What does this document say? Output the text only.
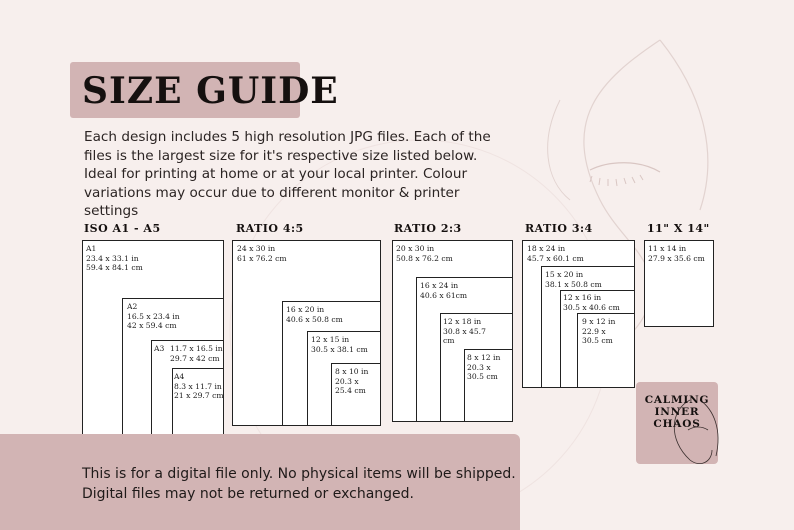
SIZE GUIDE

Each design includes 5 high resolution JPG files. Each of the files is the largest size for it's respective size listed below. Ideal for printing at home or at your local printer. Colour variations may occur due to different monitor & printer settings

ISO A1 - A5
A1
23.4 x 33.1 in
59.4 x 84.1 cm
A2
16.5 x 23.4 in
42 x 59.4 cm
A3 11.7 x 16.5 in
29.7 x 42 cm
A4
8.3 x 11.7 in
21 x 29.7 cm
RATIO 4:5
24 x 30 in
61 x 76.2 cm
16 x 20 in
40.6 x 50.8 cm
12 x 15 in
30.5 x 38.1 cm
8 x 10 in
20.3 x
25.4 cm
RATIO 2:3
20 x 30 in
50.8 x 76.2 cm
16 x 24 in
40.6 x 61cm
12 x 18 in
30.8 x 45.7
cm
8 x 12 in
20.3 x
30.5 cm
RATIO 3:4
18 x 24 in
45.7 x 60.1 cm
15 x 20 in
38.1 x 50.8 cm
12 x 16 in
30.5 x 40.6 cm
9 x 12 in
22.9 x
30.5 cm
11" X 14"
11 x 14 in
27.9 x 35.6 cm

This is for a digital file only. No physical items will be shipped.
Digital files may not be returned or exchanged.

CALMING
INNER
CHAOS
